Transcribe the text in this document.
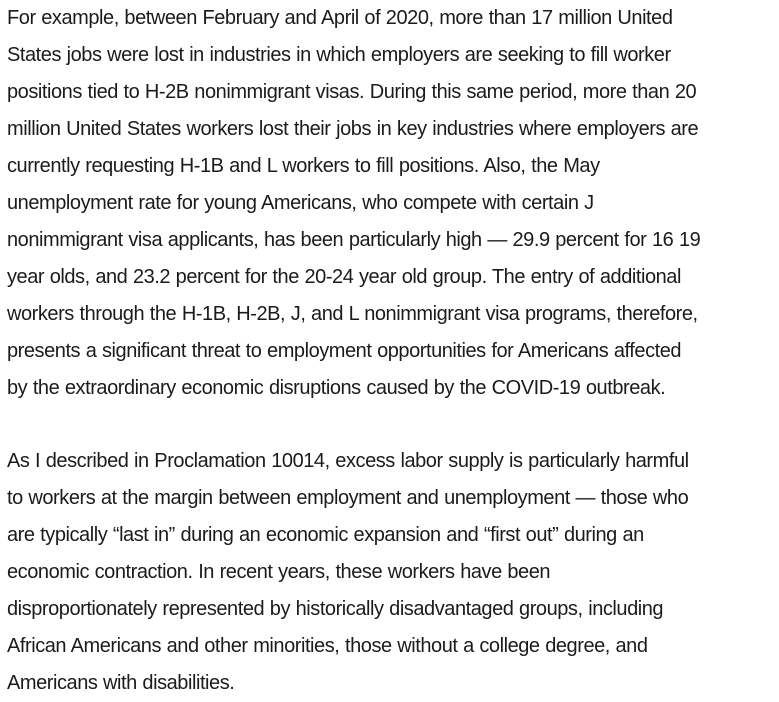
For example, between February and April of 2020, more than 17 million United
States jobs were lost in industries in which employers are seeking to fill worker
positions tied to H-2B nonimmigrant visas. During this same period, more than 20
million United States workers lost their jobs in key industries where employers are
currently requesting H-1B and L workers to fill positions. Also, the May
unemployment rate for young Americans, who compete with certain J
nonimmigrant visa applicants, has been particularly high — 29.9 percent for 16 19
year olds, and 23.2 percent for the 20-24 year old group. The entry of additional
workers through the H-1B, H-2B, J, and L nonimmigrant visa programs, therefore,
presents a significant threat to employment opportunities for Americans affected
by the extraordinary economic disruptions caused by the COVID-19 outbreak.

As I described in Proclamation 10014, excess labor supply is particularly harmful
to workers at the margin between employment and unemployment — those who
are typically “last in” during an economic expansion and “first out” during an
economic contraction. In recent years, these workers have been
disproportionately represented by historically disadvantaged groups, including
African Americans and other minorities, those without a college degree, and
Americans with disabilities.
